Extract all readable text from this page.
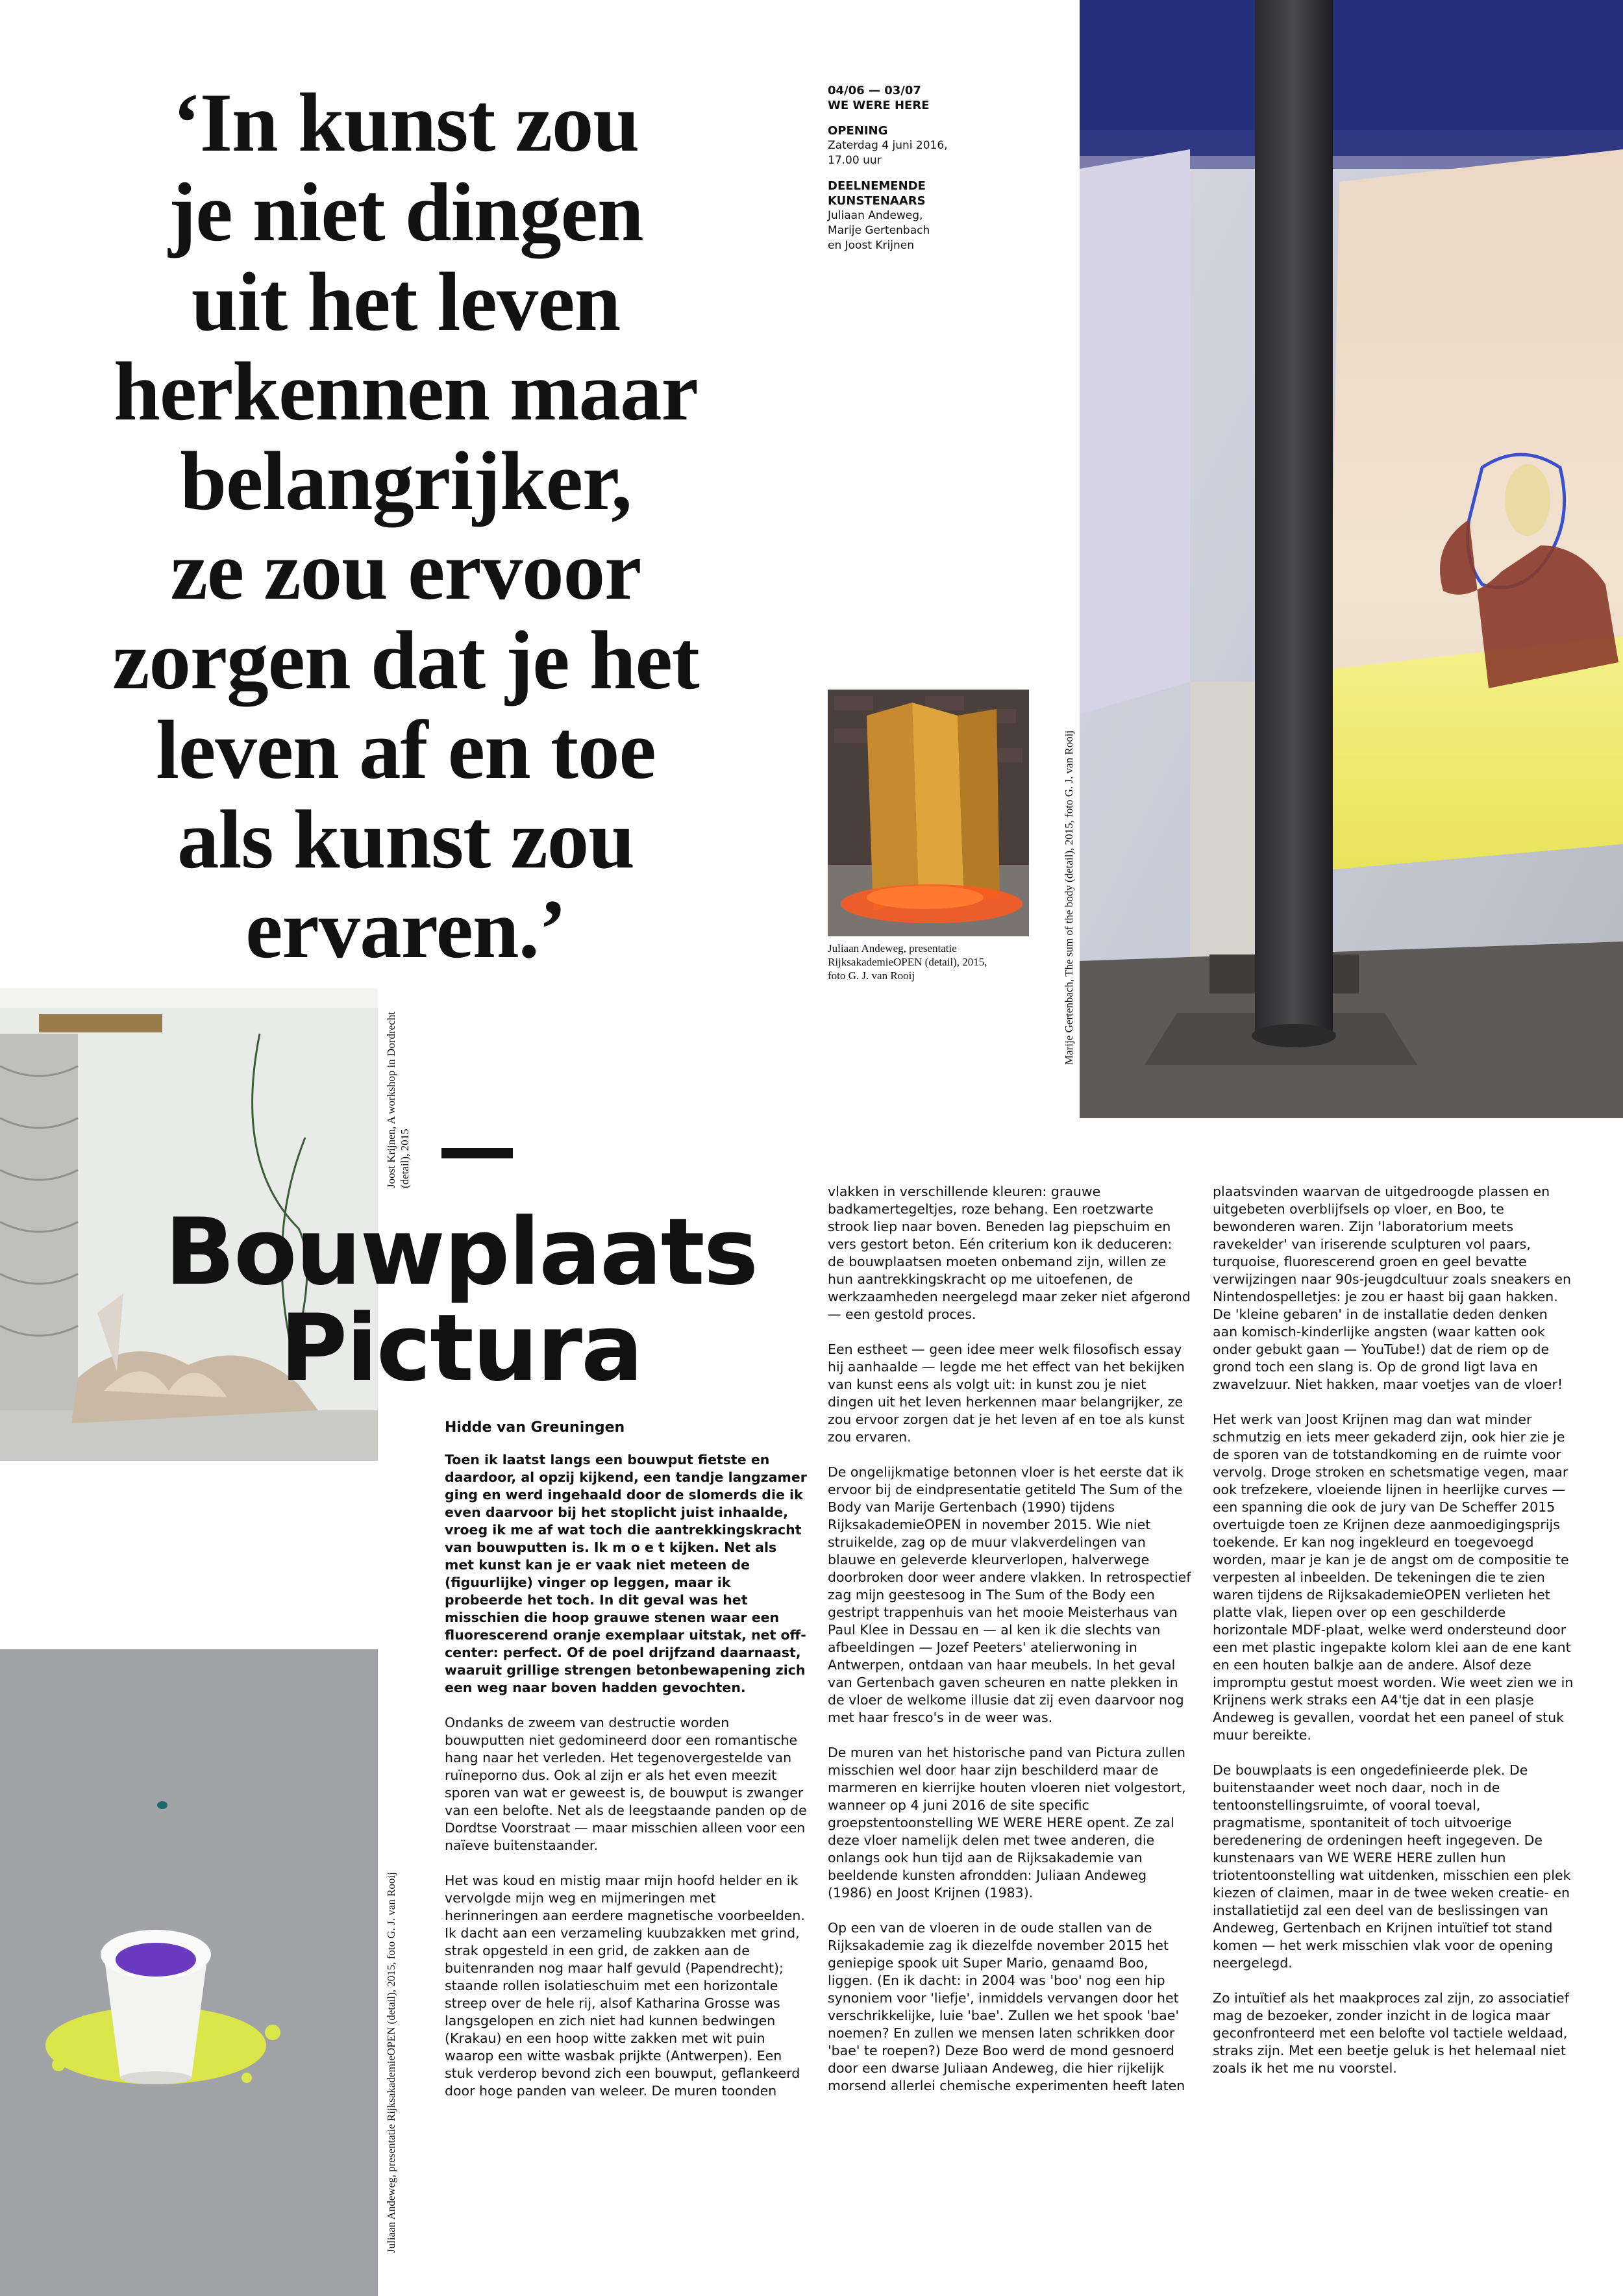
‘In kunst zou
je niet dingen
uit het leven
herkennen maar
belangrijker,
ze zou ervoor
zorgen dat je het
leven af en toe
als kunst zou
ervaren.’
04/06 — 03/07
WE WERE HERE
OPENING
Zaterdag 4 juni 2016,
17.00 uur
DEELNEMENDE
KUNSTENAARS
Juliaan Andeweg,
Marije Gertenbach
en Joost Krijnen
Marije Gertenbach, The sum of the body (detail), 2015, foto G. J. van Rooij
Juliaan Andeweg, presentatie
RijksakademieOPEN (detail), 2015,
foto G. J. van Rooij
Joost Krijnen, A workshop in Dordrecht (detail), 2015
Juliaan Andeweg, presentatie RijksakademieOPEN (detail), 2015, foto G. J. van Rooij
Bouwplaats
Pictura
Hidde van Greuningen

Toen ik laatst langs een bouwput fietste en daardoor, al opzij kijkend, een tandje langzamer ging en werd ingehaald door de slomerds die ik even daarvoor bij het stoplicht juist inhaalde, vroeg ik me af wat toch die aantrekkingskracht van bouwputten is. Ik m o e t kijken. Net als met kunst kan je er vaak niet meteen de (figuurlijke) vinger op leggen, maar ik probeerde het toch. In dit geval was het misschien die hoop grauwe stenen waar een fluorescerend oranje exemplaar uitstak, net off-center: perfect. Of de poel drijfzand daarnaast, waaruit grillige strengen betonbewapening zich een weg naar boven hadden gevochten.

Ondanks de zweem van destructie worden bouwputten niet gedomineerd door een romantische hang naar het verleden. Het tegenovergestelde van ruïneporno dus. Ook al zijn er als het even meezit sporen van wat er geweest is, de bouwput is zwanger van een belofte. Net als de leegstaande panden op de Dordtse Voorstraat — maar misschien alleen voor een naïeve buitenstaander.

Het was koud en mistig maar mijn hoofd helder en ik vervolgde mijn weg en mijmeringen met herinneringen aan eerdere magnetische voorbeelden. Ik dacht aan een verzameling kuubzakken met grind, strak opgesteld in een grid, de zakken aan de buitenranden nog maar half gevuld (Papendrecht); staande rollen isolatieschuim met een horizontale streep over de hele rij, alsof Katharina Grosse was langsgelopen en zich niet had kunnen bedwingen (Krakau) en een hoop witte zakken met wit puin waarop een witte wasbak prijkte (Antwerpen). Een stuk verderop bevond zich een bouwput, geflankeerd door hoge panden van weleer. De muren toonden

vlakken in verschillende kleuren: grauwe badkamertegeltjes, roze behang. Een roetzwarte strook liep naar boven. Beneden lag piepschuim en vers gestort beton. Eén criterium kon ik deduceren: de bouwplaatsen moeten onbemand zijn, willen ze hun aantrekkingskracht op me uitoefenen, de werkzaamheden neergelegd maar zeker niet afgerond — een gestold proces.

Een estheet — geen idee meer welk filosofisch essay hij aanhaalde — legde me het effect van het bekijken van kunst eens als volgt uit: in kunst zou je niet dingen uit het leven herkennen maar belangrijker, ze zou ervoor zorgen dat je het leven af en toe als kunst zou ervaren.

De ongelijkmatige betonnen vloer is het eerste dat ik ervoor bij de eindpresentatie getiteld The Sum of the Body van Marije Gertenbach (1990) tijdens RijksakademieOPEN in november 2015. Wie niet struikelde, zag op de muur vlakverdelingen van blauwe en geleverde kleurverlopen, halverwege doorbroken door weer andere vlakken. In retrospectief zag mijn geestesoog in The Sum of the Body een gestript trappenhuis van het mooie Meisterhaus van Paul Klee in Dessau en — al ken ik die slechts van afbeeldingen — Jozef Peeters' atelierwoning in Antwerpen, ontdaan van haar meubels. In het geval van Gertenbach gaven scheuren en natte plekken in de vloer de welkome illusie dat zij even daarvoor nog met haar fresco's in de weer was.

De muren van het historische pand van Pictura zullen misschien wel door haar zijn beschilderd maar de marmeren en kierrijke houten vloeren niet volgestort, wanneer op 4 juni 2016 de site specific groepstentoonstelling WE WERE HERE opent. Ze zal deze vloer namelijk delen met twee anderen, die onlangs ook hun tijd aan de Rijksakademie van beeldende kunsten afrondden: Juliaan Andeweg (1986) en Joost Krijnen (1983).

Op een van de vloeren in de oude stallen van de Rijksakademie zag ik diezelfde november 2015 het geniepige spook uit Super Mario, genaamd Boo, liggen. (En ik dacht: in 2004 was 'boo' nog een hip synoniem voor 'liefje', inmiddels vervangen door het verschrikkelijke, luie 'bae'. Zullen we het spook 'bae' noemen? En zullen we mensen laten schrikken door 'bae' te roepen?) Deze Boo werd de mond gesnoerd door een dwarse Juliaan Andeweg, die hier rijkelijk morsend allerlei chemische experimenten heeft laten

plaatsvinden waarvan de uitgedroogde plassen en uitgebeten overblijfsels op vloer, en Boo, te bewonderen waren. Zijn 'laboratorium meets ravekelder' van iriserende sculpturen vol paars, turquoise, fluorescerend groen en geel bevatte verwijzingen naar 90s-jeugdcultuur zoals sneakers en Nintendospelletjes: je zou er haast bij gaan hakken. De 'kleine gebaren' in de installatie deden denken aan komisch-kinderlijke angsten (waar katten ook onder gebukt gaan — YouTube!) dat de riem op de grond toch een slang is. Op de grond ligt lava en zwavelzuur. Niet hakken, maar voetjes van de vloer!

Het werk van Joost Krijnen mag dan wat minder schmutzig en iets meer gekaderd zijn, ook hier zie je de sporen van de totstandkoming en de ruimte voor vervolg. Droge stroken en schetsmatige vegen, maar ook trefzekere, vloeiende lijnen in heerlijke curves — een spanning die ook de jury van De Scheffer 2015 overtuigde toen ze Krijnen deze aanmoedigingsprijs toekende. Er kan nog ingekleurd en toegevoegd worden, maar je kan je de angst om de compositie te verpesten al inbeelden. De tekeningen die te zien waren tijdens de RijksakademieOPEN verlieten het platte vlak, liepen over op een geschilderde horizontale MDF-plaat, welke werd ondersteund door een met plastic ingepakte kolom klei aan de ene kant en een houten balkje aan de andere. Alsof deze impromptu gestut moest worden. Wie weet zien we in Krijnens werk straks een A4'tje dat in een plasje Andeweg is gevallen, voordat het een paneel of stuk muur bereikte.

De bouwplaats is een ongedefinieerde plek. De buitenstaander weet noch daar, noch in de tentoonstellingsruimte, of vooral toeval, pragmatisme, spontaniteit of toch uitvoerige beredenering de ordeningen heeft ingegeven. De kunstenaars van WE WERE HERE zullen hun triotentoonstelling wat uitdenken, misschien een plek kiezen of claimen, maar in de twee weken creatie- en installatietijd zal een deel van de beslissingen van Andeweg, Gertenbach en Krijnen intuïtief tot stand komen — het werk misschien vlak voor de opening neergelegd.

Zo intuïtief als het maakproces zal zijn, zo associatief mag de bezoeker, zonder inzicht in de logica maar geconfronteerd met een belofte vol tactiele weldaad, straks zijn. Met een beetje geluk is het helemaal niet zoals ik het me nu voorstel.
